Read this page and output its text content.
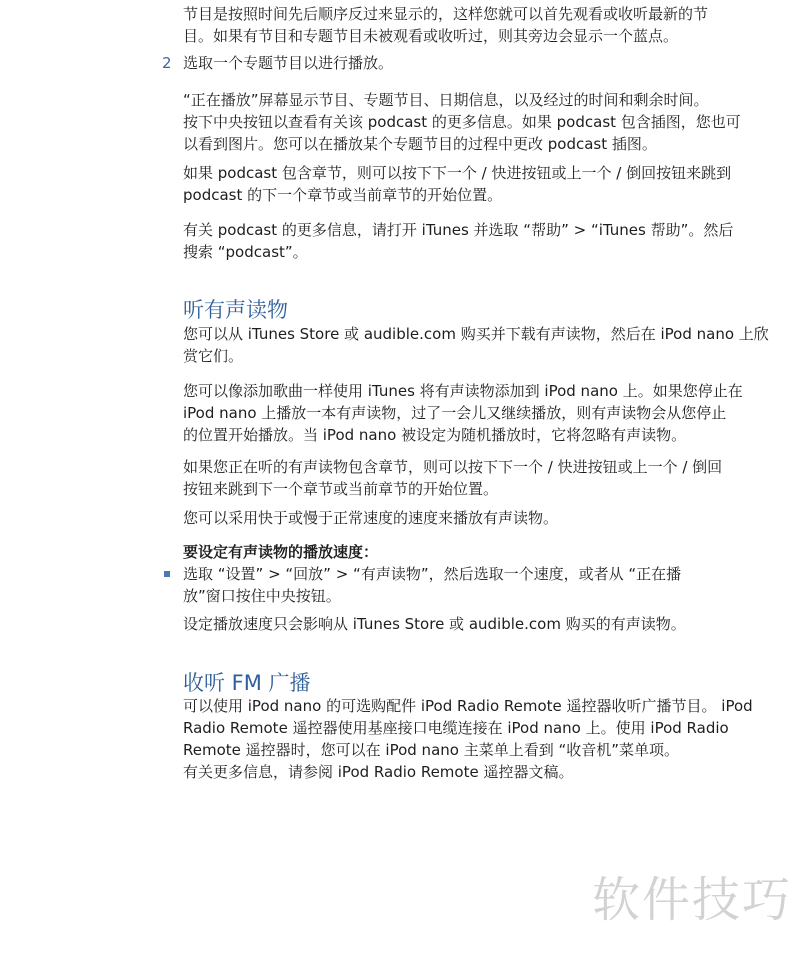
节目是按照时间先后顺序反过来显示的，这样您就可以首先观看或收听最新的节
目。如果有节目和专题节目未被观看或收听过，则其旁边会显示一个蓝点。
2 选取一个专题节目以进行播放。
“正在播放”屏幕显示节目、专题节目、日期信息，以及经过的时间和剩余时间。
按下中央按钮以查看有关该 podcast 的更多信息。如果 podcast 包含插图，您也可
以看到图片。您可以在播放某个专题节目的过程中更改 podcast 插图。
如果 podcast 包含章节，则可以按下下一个 / 快进按钮或上一个 / 倒回按钮来跳到
podcast 的下一个章节或当前章节的开始位置。
有关 podcast 的更多信息，请打开 iTunes 并选取 “帮助” > “iTunes 帮助”。然后
搜索 “podcast”。
听有声读物
您可以从 iTunes Store 或 audible.com 购买并下载有声读物，然后在 iPod nano 上欣
赏它们。
您可以像添加歌曲一样使用 iTunes 将有声读物添加到 iPod nano 上。如果您停止在
iPod nano 上播放一本有声读物，过了一会儿又继续播放，则有声读物会从您停止
的位置开始播放。当 iPod nano 被设定为随机播放时，它将忽略有声读物。
如果您正在听的有声读物包含章节，则可以按下下一个 / 快进按钮或上一个 / 倒回
按钮来跳到下一个章节或当前章节的开始位置。
您可以采用快于或慢于正常速度的速度来播放有声读物。
要设定有声读物的播放速度：
选取 “设置” > “回放” > “有声读物”，然后选取一个速度，或者从 “正在播
放”窗口按住中央按钮。
设定播放速度只会影响从 iTunes Store 或 audible.com 购买的有声读物。
收听 FM 广播
可以使用 iPod nano 的可选购配件 iPod Radio Remote 遥控器收听广播节目。 iPod
Radio Remote 遥控器使用基座接口电缆连接在 iPod nano 上。使用 iPod Radio
Remote 遥控器时，您可以在 iPod nano 主菜单上看到 “收音机”菜单项。
有关更多信息，请参阅 iPod Radio Remote 遥控器文稿。
软件技巧
